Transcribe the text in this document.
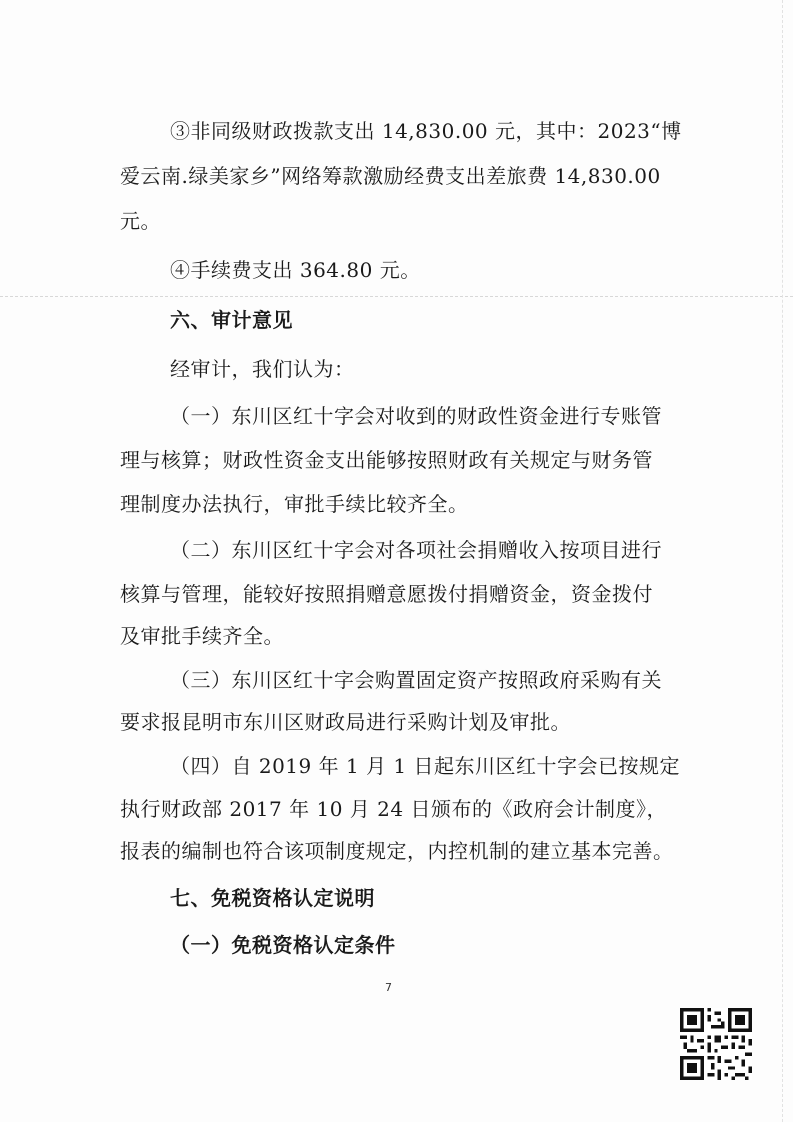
③非同级财政拨款支出 14,830.00 元，其中：2023“博
爱云南.绿美家乡”网络筹款激励经费支出差旅费 14,830.00
元。
④手续费支出 364.80 元。
六、审计意见
经审计，我们认为：
（一）东川区红十字会对收到的财政性资金进行专账管
理与核算；财政性资金支出能够按照财政有关规定与财务管
理制度办法执行，审批手续比较齐全。
（二）东川区红十字会对各项社会捐赠收入按项目进行
核算与管理，能较好按照捐赠意愿拨付捐赠资金，资金拨付
及审批手续齐全。
（三）东川区红十字会购置固定资产按照政府采购有关
要求报昆明市东川区财政局进行采购计划及审批。
（四）自 2019 年 1 月 1 日起东川区红十字会已按规定
执行财政部 2017 年 10 月 24 日颁布的《政府会计制度》，
报表的编制也符合该项制度规定，内控机制的建立基本完善。
七、免税资格认定说明
（一）免税资格认定条件
7
